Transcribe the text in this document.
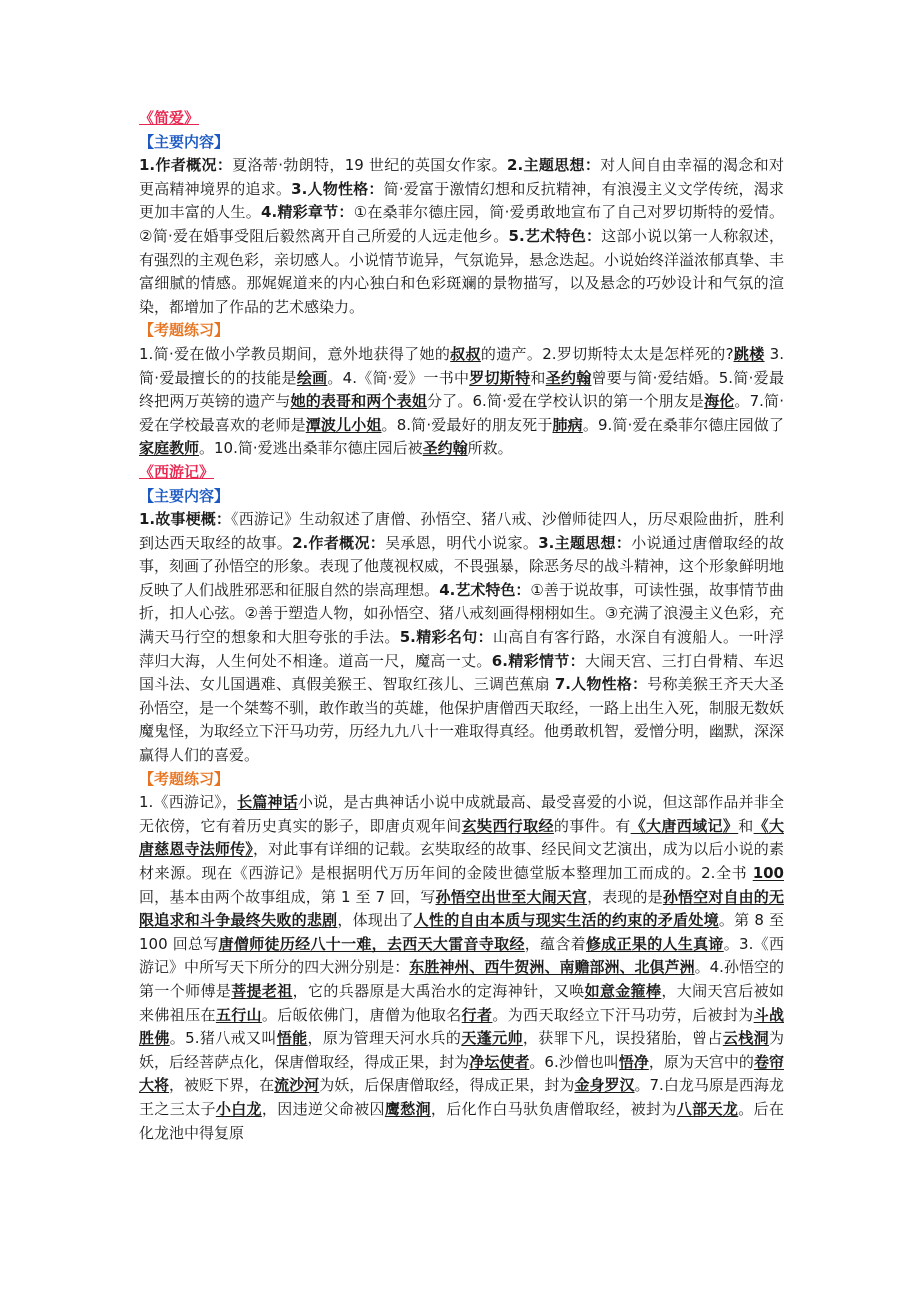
《简爱》
【主要内容】

1.作者概况：夏洛蒂·勃朗特，19 世纪的英国女作家。2.主题思想：对人间自由幸福的渴念和对更高精神境界的追求。3.人物性格：简·爱富于激情幻想和反抗精神，有浪漫主义文学传统，渴求更加丰富的人生。4.精彩章节：①在桑菲尔德庄园，简·爱勇敢地宣布了自己对罗切斯特的爱情。②简·爱在婚事受阻后毅然离开自己所爱的人远走他乡。5.艺术特色：这部小说以第一人称叙述，有强烈的主观色彩，亲切感人。小说情节诡异，气氛诡异，悬念迭起。小说始终洋溢浓郁真挚、丰富细腻的情感。那娓娓道来的内心独白和色彩斑斓的景物描写，以及悬念的巧妙设计和气氛的渲染，都增加了作品的艺术感染力。

【考题练习】

1.简·爱在做小学教员期间，意外地获得了她的叔叔的遗产。2.罗切斯特太太是怎样死的?跳楼 3.简·爱最擅长的的技能是绘画。4.《简·爱》一书中罗切斯特和圣约翰曾要与简·爱结婚。5.简·爱最终把两万英镑的遗产与她的表哥和两个表姐分了。6.简·爱在学校认识的第一个朋友是海伦。7.简·爱在学校最喜欢的老师是潭波儿小姐。8.简·爱最好的朋友死于肺病。9.简·爱在桑菲尔德庄园做了家庭教师。10.简·爱逃出桑菲尔德庄园后被圣约翰所救。

《西游记》
【主要内容】

1.故事梗概：《西游记》生动叙述了唐僧、孙悟空、猪八戒、沙僧师徒四人，历尽艰险曲折，胜利到达西天取经的故事。2.作者概况：吴承恩，明代小说家。3.主题思想：小说通过唐僧取经的故事，刻画了孙悟空的形象。表现了他蔑视权威，不畏强暴，除恶务尽的战斗精神，这个形象鲜明地反映了人们战胜邪恶和征服自然的崇高理想。4.艺术特色：①善于说故事，可读性强，故事情节曲折，扣人心弦。②善于塑造人物，如孙悟空、猪八戒刻画得栩栩如生。③充满了浪漫主义色彩，充满天马行空的想象和大胆夸张的手法。5.精彩名句：山高自有客行路，水深自有渡船人。一叶浮萍归大海，人生何处不相逢。道高一尺，魔高一丈。6.精彩情节：大闹天宫、三打白骨精、车迟国斗法、女儿国遇难、真假美猴王、智取红孩儿、三调芭蕉扇 7.人物性格：号称美猴王齐天大圣孙悟空，是一个桀骜不驯，敢作敢当的英雄，他保护唐僧西天取经，一路上出生入死，制服无数妖魔鬼怪，为取经立下汗马功劳，历经九九八十一难取得真经。他勇敢机智，爱憎分明，幽默，深深赢得人们的喜爱。

【考题练习】

1.《西游记》，长篇神话小说，是古典神话小说中成就最高、最受喜爱的小说，但这部作品并非全无依傍，它有着历史真实的影子，即唐贞观年间玄奘西行取经的事件。有《大唐西域记》和《大唐慈恩寺法师传》，对此事有详细的记载。玄奘取经的故事、经民间文艺演出，成为以后小说的素材来源。现在《西游记》是根据明代万历年间的金陵世德堂版本整理加工而成的。2.全书 100 回，基本由两个故事组成，第 1 至 7 回，写孙悟空出世至大闹天宫，表现的是孙悟空对自由的无限追求和斗争最终失败的悲剧，体现出了人性的自由本质与现实生活的约束的矛盾处境。第 8 至 100 回总写唐僧师徒历经八十一难，去西天大雷音寺取经，蕴含着修成正果的人生真谛。3.《西游记》中所写天下所分的四大洲分别是：东胜神州、西牛贺洲、南赡部洲、北俱芦洲。4.孙悟空的第一个师傅是菩提老祖，它的兵器原是大禹治水的定海神针，又唤如意金箍棒，大闹天宫后被如来佛祖压在五行山。后皈依佛门，唐僧为他取名行者。为西天取经立下汗马功劳，后被封为斗战胜佛。5.猪八戒又叫悟能，原为管理天河水兵的天蓬元帅，获罪下凡，误投猪胎，曾占云栈洞为妖，后经菩萨点化，保唐僧取经，得成正果，封为净坛使者。6.沙僧也叫悟净，原为天宫中的卷帘大将，被贬下界，在流沙河为妖，后保唐僧取经，得成正果，封为金身罗汉。7.白龙马原是西海龙王之三太子小白龙，因违逆父命被囚鹰愁涧，后化作白马驮负唐僧取经，被封为八部天龙。后在化龙池中得复原
